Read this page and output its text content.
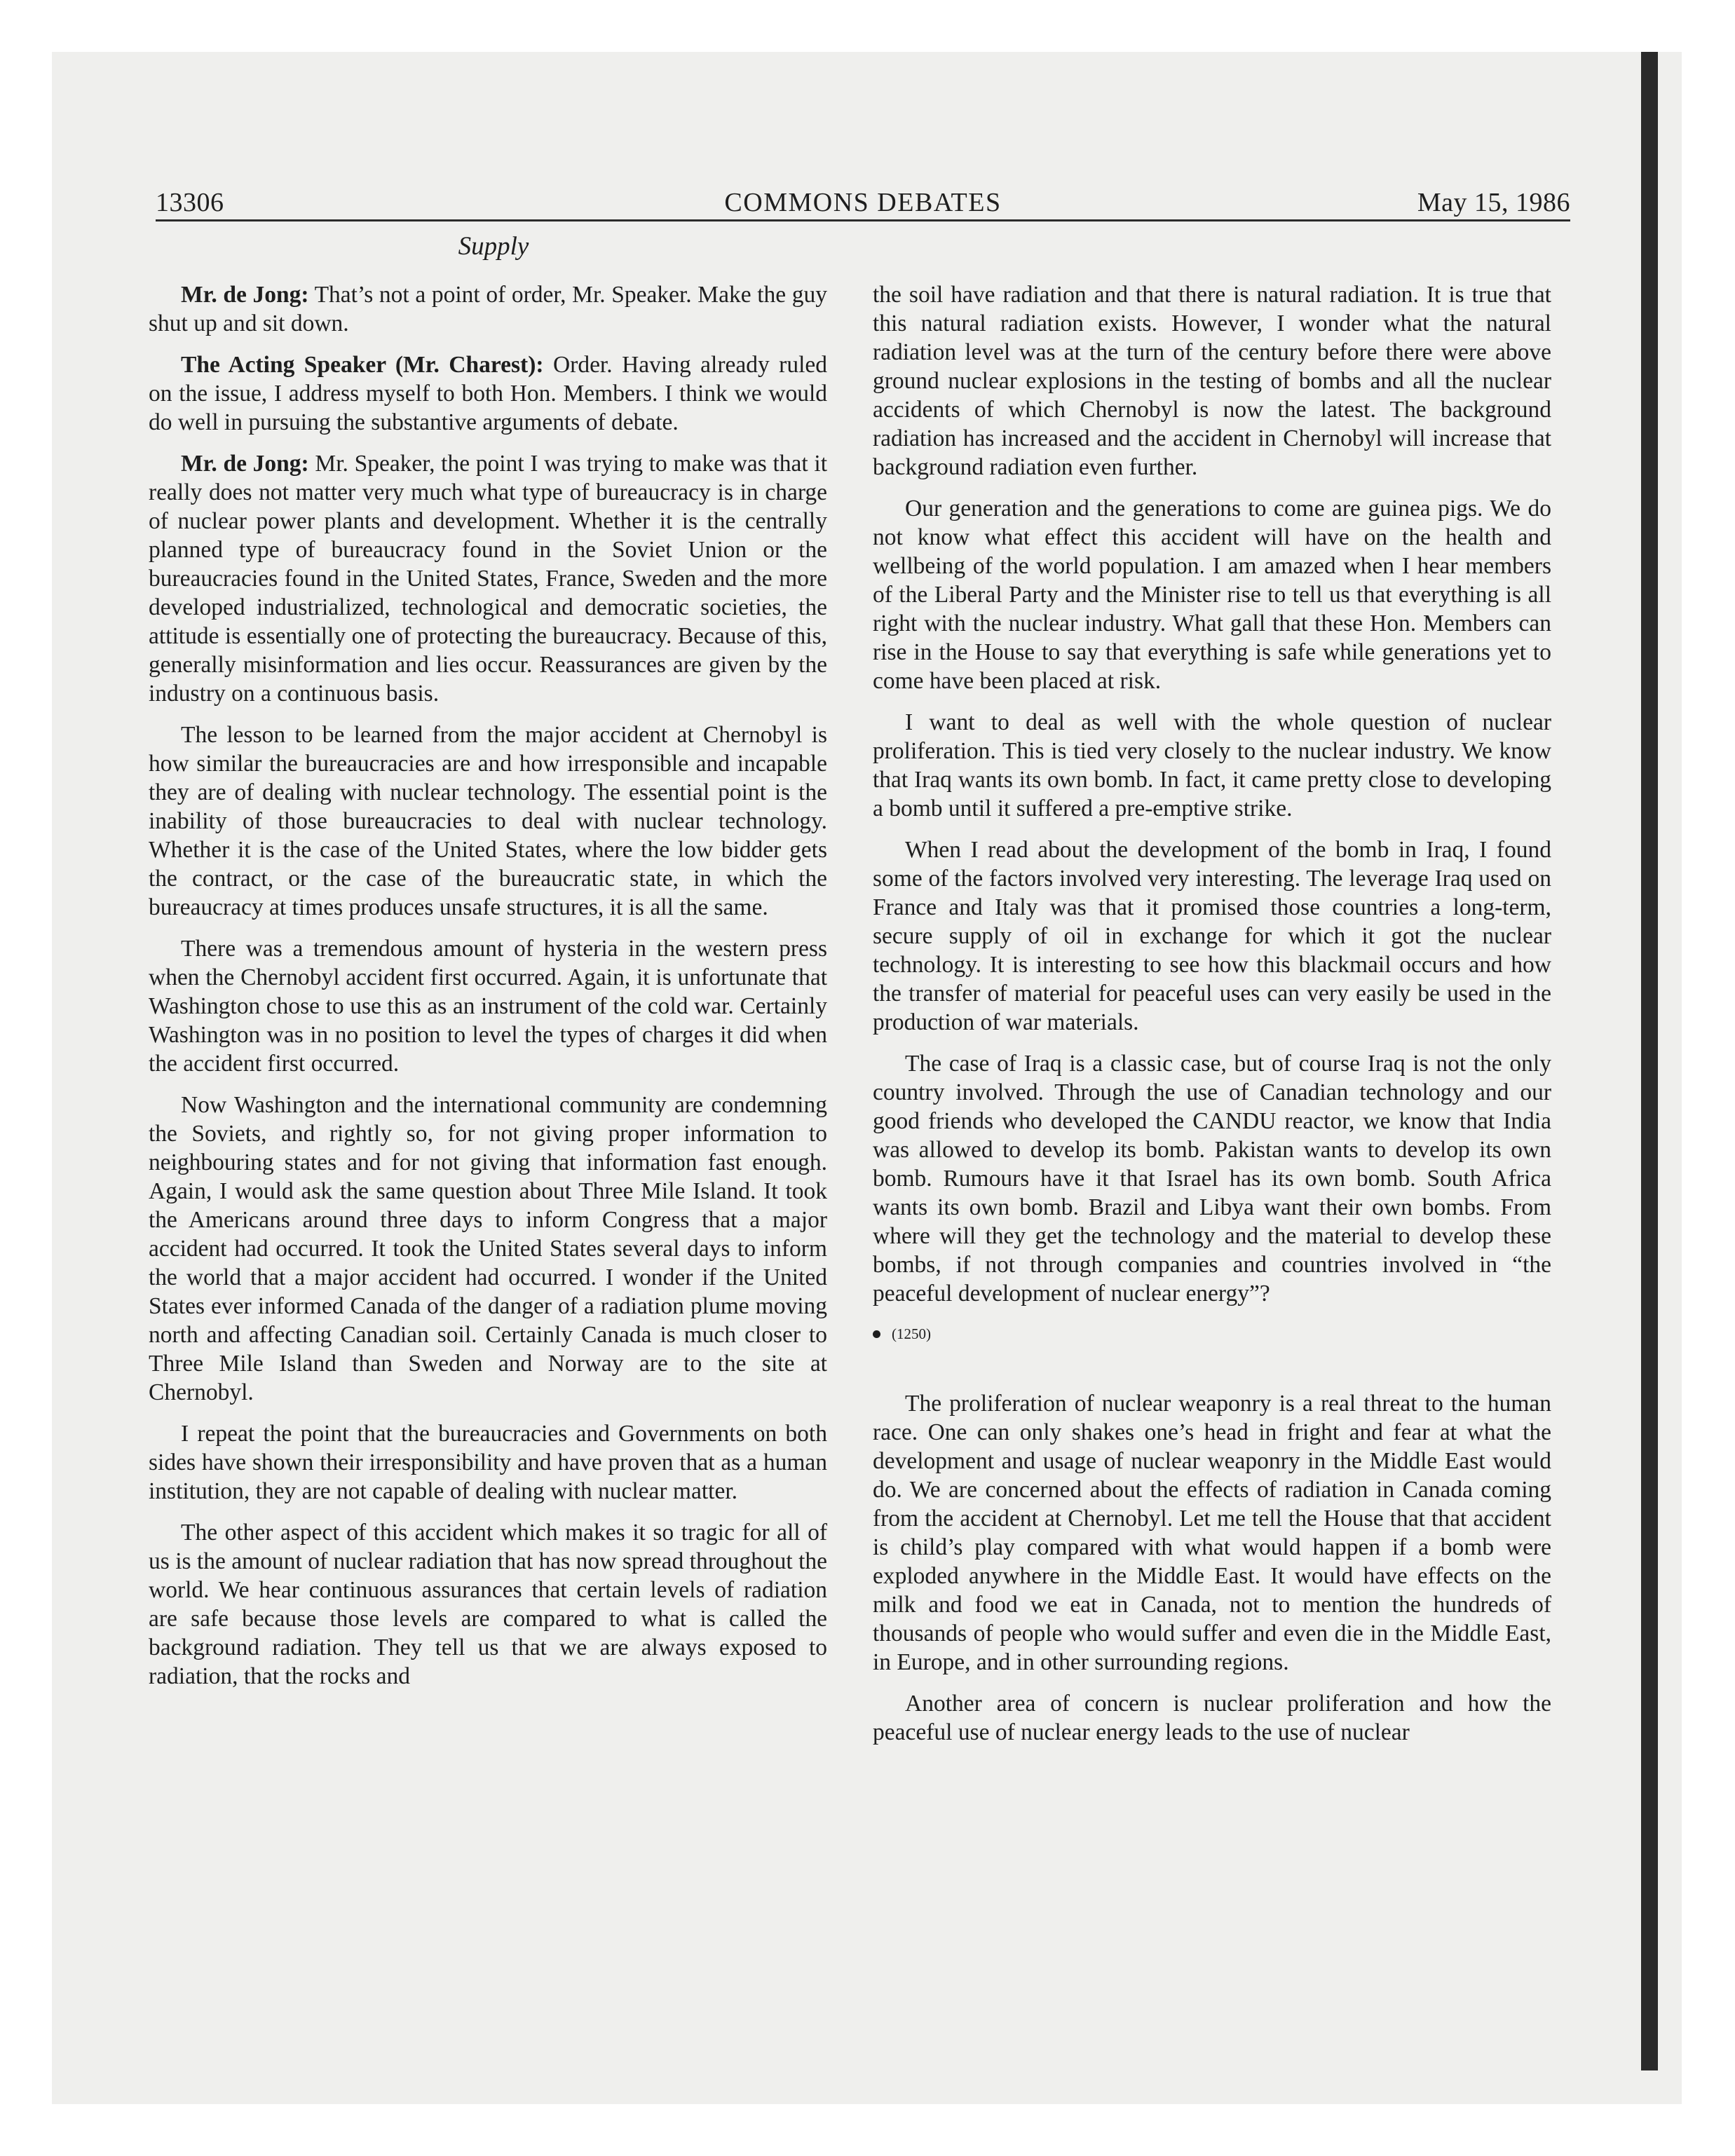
13306	COMMONS DEBATES	May 15, 1986
Supply

Mr. de Jong: That’s not a point of order, Mr. Speaker. Make the guy shut up and sit down.

The Acting Speaker (Mr. Charest): Order. Having already ruled on the issue, I address myself to both Hon. Members. I think we would do well in pursuing the substantive arguments of debate.

Mr. de Jong: Mr. Speaker, the point I was trying to make was that it really does not matter very much what type of bureaucracy is in charge of nuclear power plants and development. Whether it is the centrally planned type of bureaucracy found in the Soviet Union or the bureaucracies found in the United States, France, Sweden and the more developed industrialized, technological and democratic societies, the attitude is essentially one of protecting the bureaucracy. Because of this, generally misinformation and lies occur. Reassurances are given by the industry on a continuous basis.

The lesson to be learned from the major accident at Chernobyl is how similar the bureaucracies are and how irresponsible and incapable they are of dealing with nuclear technology. The essential point is the inability of those bureaucracies to deal with nuclear technology. Whether it is the case of the United States, where the low bidder gets the contract, or the case of the bureaucratic state, in which the bureaucracy at times produces unsafe structures, it is all the same.

There was a tremendous amount of hysteria in the western press when the Chernobyl accident first occurred. Again, it is unfortunate that Washington chose to use this as an instrument of the cold war. Certainly Washington was in no position to level the types of charges it did when the accident first occurred.

Now Washington and the international community are condemning the Soviets, and rightly so, for not giving proper information to neighbouring states and for not giving that information fast enough. Again, I would ask the same question about Three Mile Island. It took the Americans around three days to inform Congress that a major accident had occurred. It took the United States several days to inform the world that a major accident had occurred. I wonder if the United States ever informed Canada of the danger of a radiation plume moving north and affecting Canadian soil. Certainly Canada is much closer to Three Mile Island than Sweden and Norway are to the site at Chernobyl.

I repeat the point that the bureaucracies and Governments on both sides have shown their irresponsibility and have proven that as a human institution, they are not capable of dealing with nuclear matter.

The other aspect of this accident which makes it so tragic for all of us is the amount of nuclear radiation that has now spread throughout the world. We hear continuous assurances that certain levels of radiation are safe because those levels are compared to what is called the background radiation. They tell us that we are always exposed to radiation, that the rocks and

the soil have radiation and that there is natural radiation. It is true that this natural radiation exists. However, I wonder what the natural radiation level was at the turn of the century before there were above ground nuclear explosions in the testing of bombs and all the nuclear accidents of which Chernobyl is now the latest. The background radiation has increased and the accident in Chernobyl will increase that background radiation even further.

Our generation and the generations to come are guinea pigs. We do not know what effect this accident will have on the health and wellbeing of the world population. I am amazed when I hear members of the Liberal Party and the Minister rise to tell us that everything is all right with the nuclear industry. What gall that these Hon. Members can rise in the House to say that everything is safe while generations yet to come have been placed at risk.

I want to deal as well with the whole question of nuclear proliferation. This is tied very closely to the nuclear industry. We know that Iraq wants its own bomb. In fact, it came pretty close to developing a bomb until it suffered a pre-emptive strike.

When I read about the development of the bomb in Iraq, I found some of the factors involved very interesting. The leverage Iraq used on France and Italy was that it promised those countries a long-term, secure supply of oil in exchange for which it got the nuclear technology. It is interesting to see how this blackmail occurs and how the transfer of material for peaceful uses can very easily be used in the production of war materials.

The case of Iraq is a classic case, but of course Iraq is not the only country involved. Through the use of Canadian technology and our good friends who developed the CANDU reactor, we know that India was allowed to develop its bomb. Pakistan wants to develop its own bomb. Rumours have it that Israel has its own bomb. South Africa wants its own bomb. Brazil and Libya want their own bombs. From where will they get the technology and the material to develop these bombs, if not through companies and countries involved in “the peaceful development of nuclear energy”?

(1250)

The proliferation of nuclear weaponry is a real threat to the human race. One can only shakes one’s head in fright and fear at what the development and usage of nuclear weaponry in the Middle East would do. We are concerned about the effects of radiation in Canada coming from the accident at Chernobyl. Let me tell the House that that accident is child’s play compared with what would happen if a bomb were exploded anywhere in the Middle East. It would have effects on the milk and food we eat in Canada, not to mention the hundreds of thousands of people who would suffer and even die in the Middle East, in Europe, and in other surrounding regions.

Another area of concern is nuclear proliferation and how the peaceful use of nuclear energy leads to the use of nuclear
